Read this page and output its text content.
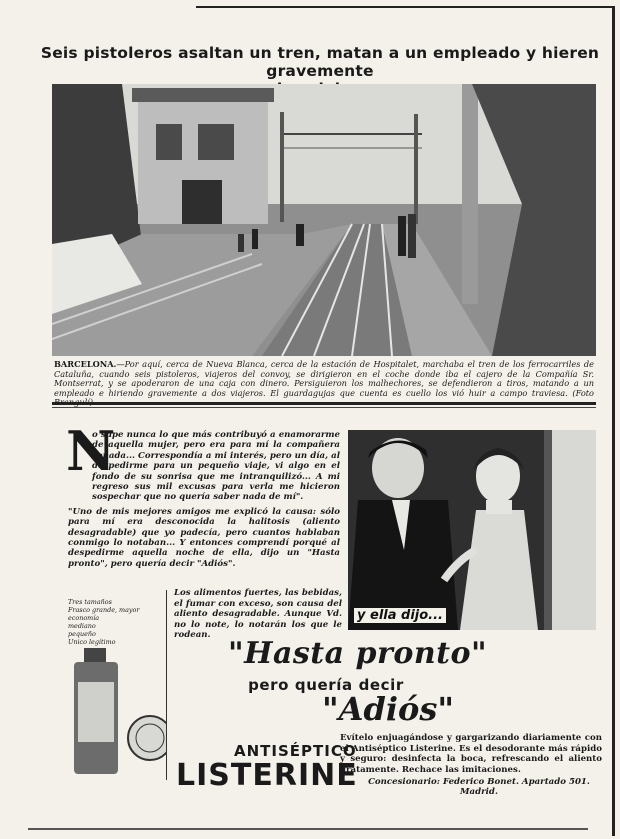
Seis pistoleros asaltan un tren, matan a un empleado y hieren gravemente
BARCELONA.—Por aquí, cerca de Nueva Blanca, cerca de la estación de Hospitalet, marchaba el tren de los ferrocarriles de Cataluña, cuando seis pistoleros, viajeros del convoy, se dirigieron en el coche donde iba el cajero de la Compañía Sr. Montserrat, y se apoderaron de una caja con dinero. Persiguieron los malhechores, se defendieron a tiros, matando a un empleado e hiriendo gravemente a dos viajeros. El guardagujas que cuenta es cuello los vió huir a campo traviesa. (Foto
N

o supe nunca lo que más contribuyó a enamorarme de aquella mujer, pero era para mí la compañera soñada... Correspondía a mi interés, pero un día, al despedirme para un pequeño viaje, vi algo en el fondo de su sonrisa que me intranquilizó... A mi regreso sus mil excusas para verla me hicieron sospechar que no quería saber nada de mí".

"Uno de mis mejores amigos me explicó la causa: sólo para mí era desconocida la halitosis (aliento desagradable) que yo padecía, pero cuantos hablaban conmigo lo notaban... Y entonces comprendí porqué al despedirme aquella noche de ella, dijo un "Hasta pronto", pero quería decir "Adiós".

y ella dijo...
Tres tamaños
Frasco grande, mayor economía
mediano
pequeño
Unico legítimo
Los alimentos fuertes, las bebidas, el fumar con exceso, son causa del aliento desagradable. Aunque Vd. no lo note, lo notarán los que le rodean.
"Hasta pronto"
pero quería decir
"Adiós"
ANTISÉPTICO
LISTERINE
Evítelo enjuagándose y gargarizando diariamente con el Antiséptico Listerine. Es el desodorante más rápido y seguro: desinfecta la boca, refrescando el aliento gratamente. Rechace las imitaciones.
Concesionario: Federico Bonet. Apartado 501. Madrid.
